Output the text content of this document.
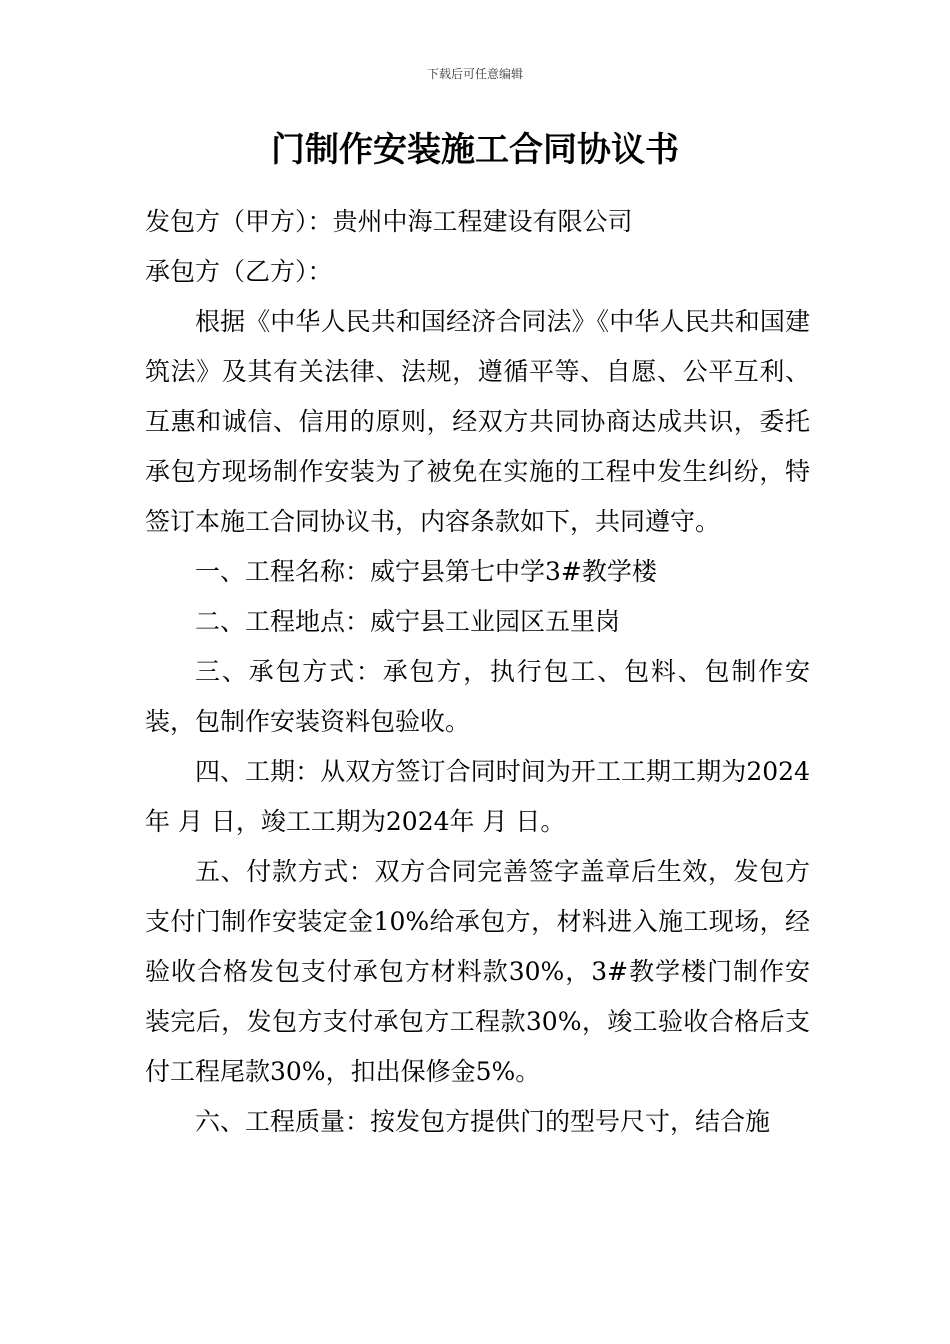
下载后可任意编辑
门制作安装施工合同协议书

发包方（甲方）：贵州中海工程建设有限公司

承包方（乙方）：

根据《中华人民共和国经济合同法》《中华人民共和国建筑法》及其有关法律、法规，遵循平等、自愿、公平互利、互惠和诚信、信用的原则，经双方共同协商达成共识，委托承包方现场制作安装为了被免在实施的工程中发生纠纷，特签订本施工合同协议书，内容条款如下，共同遵守。

一、工程名称：威宁县第七中学3#教学楼

二、工程地点：威宁县工业园区五里岗

三、承包方式：承包方，执行包工、包料、包制作安装，包制作安装资料包验收。

四、工期：从双方签订合同时间为开工工期工期为2024年 月 日，竣工工期为2024年 月 日。

五、付款方式：双方合同完善签字盖章后生效，发包方支付门制作安装定金10%给承包方，材料进入施工现场，经验收合格发包支付承包方材料款30%，3#教学楼门制作安装完后，发包方支付承包方工程款30%，竣工验收合格后支付工程尾款30%，扣出保修金5%。

六、工程质量：按发包方提供门的型号尺寸，结合施
